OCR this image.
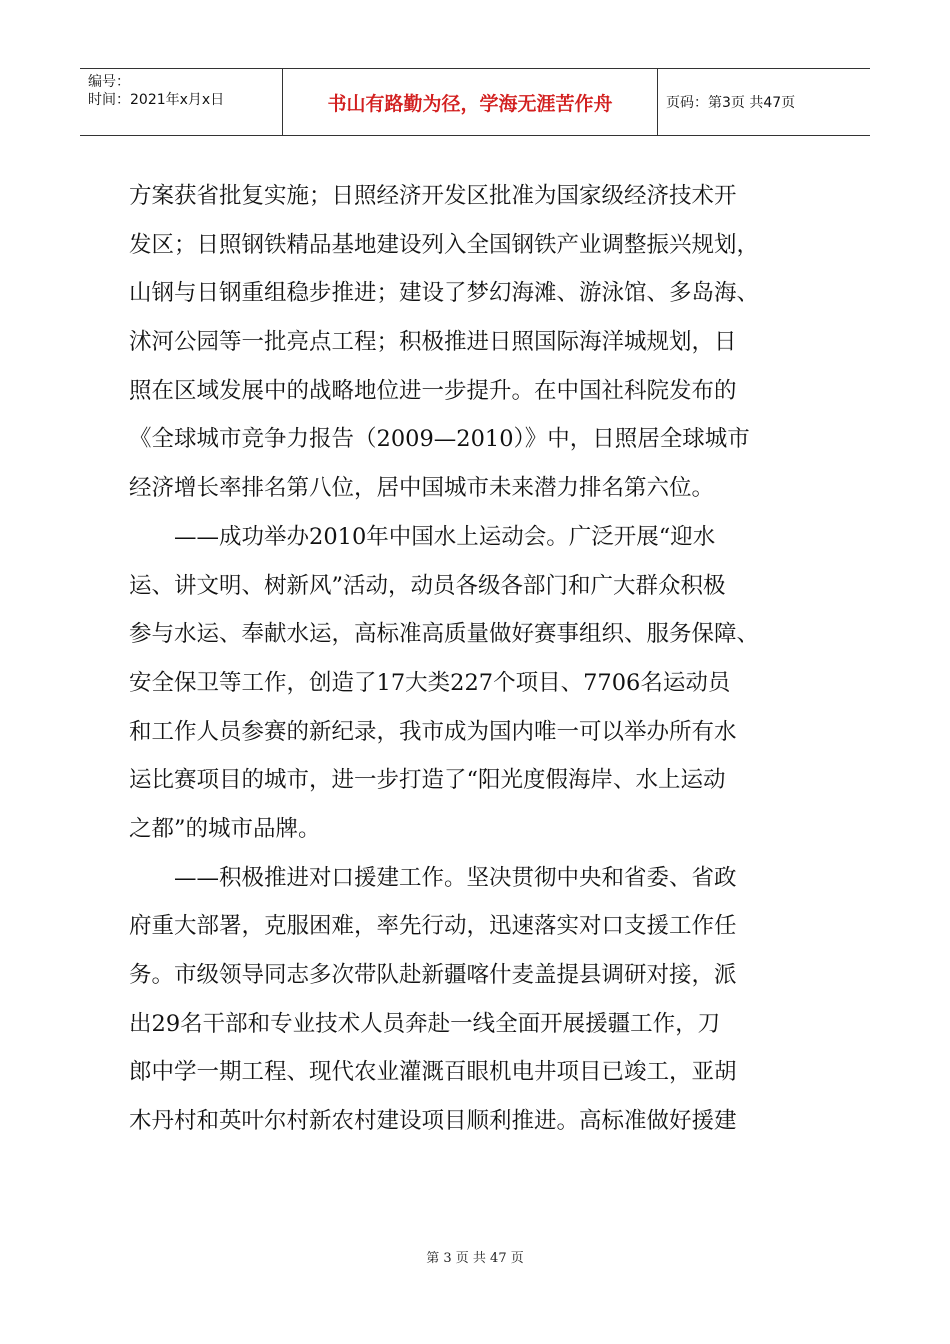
编号：
时间：2021年x月x日	书山有路勤为径，学海无涯苦作舟	页码：第3页 共47页
方案获省批复实施；日照经济开发区批准为国家级经济技术开
发区；日照钢铁精品基地建设列入全国钢铁产业调整振兴规划，
山钢与日钢重组稳步推进；建设了梦幻海滩、游泳馆、多岛海、
沭河公园等一批亮点工程；积极推进日照国际海洋城规划，日
照在区域发展中的战略地位进一步提升。在中国社科院发布的
《全球城市竞争力报告（2009—2010）》中，日照居全球城市
经济增长率排名第八位，居中国城市未来潜力排名第六位。
——成功举办2010年中国水上运动会。广泛开展“迎水
运、讲文明、树新风”活动，动员各级各部门和广大群众积极
参与水运、奉献水运，高标准高质量做好赛事组织、服务保障、
安全保卫等工作，创造了17大类227个项目、7706名运动员
和工作人员参赛的新纪录，我市成为国内唯一可以举办所有水
运比赛项目的城市，进一步打造了“阳光度假海岸、水上运动
之都”的城市品牌。
——积极推进对口援建工作。坚决贯彻中央和省委、省政
府重大部署，克服困难，率先行动，迅速落实对口支援工作任
务。市级领导同志多次带队赴新疆喀什麦盖提县调研对接，派
出29名干部和专业技术人员奔赴一线全面开展援疆工作，刀
郎中学一期工程、现代农业灌溉百眼机电井项目已竣工，亚胡
木丹村和英叶尔村新农村建设项目顺利推进。高标准做好援建
第 3 页 共 47 页
